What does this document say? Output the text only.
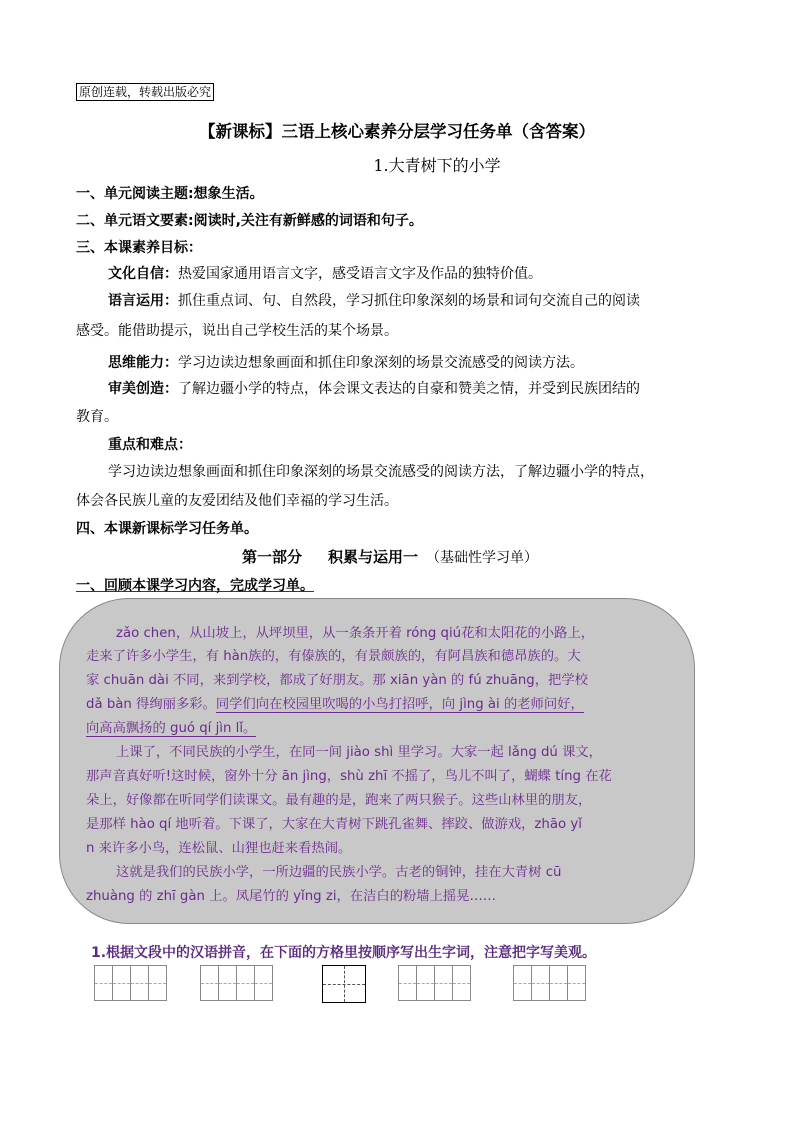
原创连载，转载出版必究
【新课标】三语上核心素养分层学习任务单（含答案）
1.大青树下的小学
一、单元阅读主题:想象生活。
二、单元语文要素:阅读时,关注有新鲜感的词语和句子。
三、本课素养目标：
文化自信：热爱国家通用语言文字，感受语言文字及作品的独特价值。
语言运用：抓住重点词、句、自然段，学习抓住印象深刻的场景和词句交流自己的阅读
感受。能借助提示，说出自己学校生活的某个场景。
思维能力：学习边读边想象画面和抓住印象深刻的场景交流感受的阅读方法。
审美创造：了解边疆小学的特点，体会课文表达的自豪和赞美之情，并受到民族团结的
教育。
重点和难点：
学习边读边想象画面和抓住印象深刻的场景交流感受的阅读方法，了解边疆小学的特点，
体会各民族儿童的友爱团结及他们幸福的学习生活。
四、本课新课标学习任务单。
第一部分 积累与运用一 （基础性学习单）
一、回顾本课学习内容，完成学习单。
zǎo chen，从山坡上，从坪坝里，从一条条开着 róng qiú花和太阳花的小路上，
走来了许多小学生，有 hàn族的，有傣族的，有景颇族的，有阿昌族和德昂族的。大
家 chuān dài 不同，来到学校，都成了好朋友。那 xiān yàn 的 fú zhuāng，把学校
dǎ bàn 得绚丽多彩。同学们向在校园里吹喝的小鸟打招呼，向 jìng ài 的老师问好，
向高高飘扬的 guó qí jìn lǐ。
上课了，不同民族的小学生，在同一间 jiào shì 里学习。大家一起 lǎng dú 课文，
那声音真好听!这时候，窗外十分 ān jìng，shù zhī 不摇了，鸟儿不叫了，蝴蝶 tíng 在花
朵上，好像都在听同学们读课文。最有趣的是，跑来了两只猴子。这些山林里的朋友，
是那样 hào qí 地听着。下课了，大家在大青树下跳孔雀舞、摔跤、做游戏，zhāo yǐ
n 来许多小鸟，连松鼠、山狸也赶来看热闹。
这就是我们的民族小学，一所边疆的民族小学。古老的铜钟，挂在大青树 cū
zhuàng 的 zhī gàn 上。凤尾竹的 yǐng zi，在洁白的粉墙上摇晃……
1.根据文段中的汉语拼音，在下面的方格里按顺序写出生字词，注意把字写美观。
